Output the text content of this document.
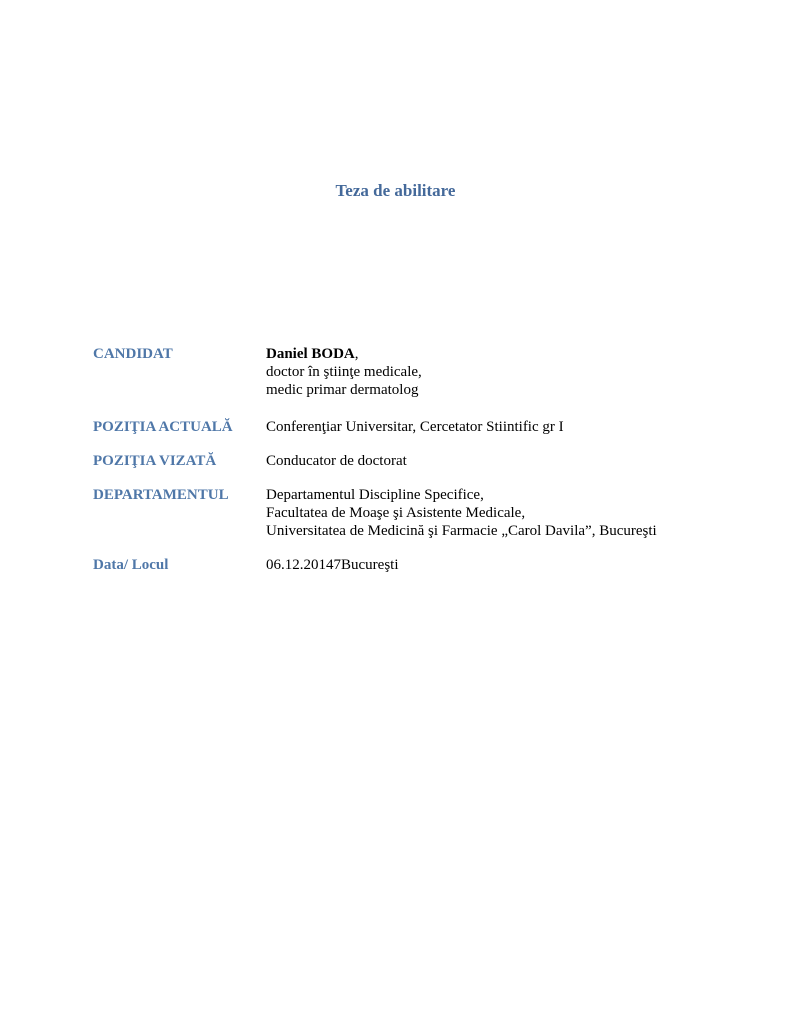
Teza de abilitare
CANDIDAT	Daniel BODA,
doctor în ştiinţe medicale,
medic primar dermatolog
POZIŢIA ACTUALĂ	Conferenţiar Universitar, Cercetator Stiintific gr I
POZIŢIA VIZATĂ	Conducator de doctorat
DEPARTAMENTUL	Departamentul Discipline Specifice,
Facultatea de Moaşe şi Asistente Medicale,
Universitatea de Medicină şi Farmacie „Carol Davila”, Bucureşti
Data/ Locul	06.12.20147Bucureşti
